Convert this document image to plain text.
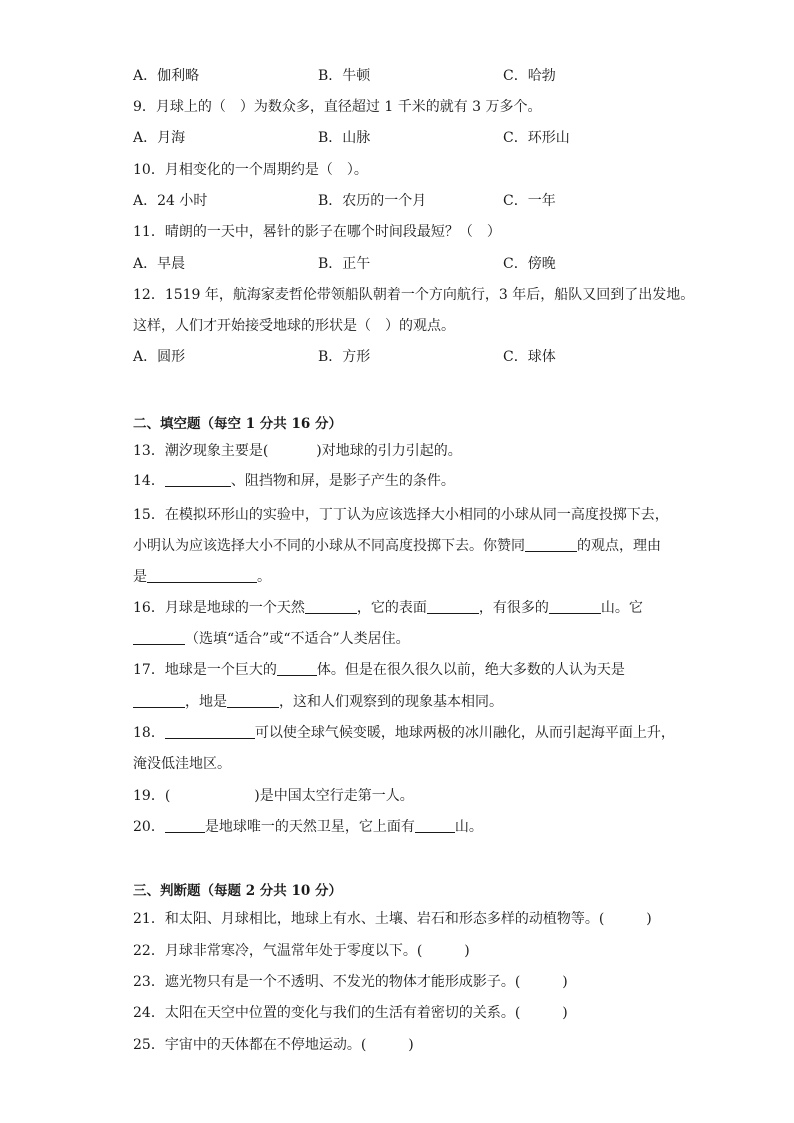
A．伽利略	B．牛顿	C．哈勃
9．月球上的（　）为数众多，直径超过 1 千米的就有 3 万多个。
A．月海	B．山脉	C．环形山
10．月相变化的一个周期约是（　）。
A．24 小时	B．农历的一个月	C．一年
11．晴朗的一天中，晷针的影子在哪个时间段最短？（　）
A．早晨	B．正午	C．傍晚
12．1519 年，航海家麦哲伦带领船队朝着一个方向航行，3 年后，船队又回到了出发地。
这样，人们才开始接受地球的形状是（　）的观点。
A．圆形	B．方形	C．球体
二、填空题（每空 1 分共 16 分）
13．潮汐现象主要是(	)对地球的引力引起的。
14．	、阻挡物和屏，是影子产生的条件。
15．在模拟环形山的实验中，丁丁认为应该选择大小相同的小球从同一高度投掷下去，
小明认为应该选择大小不同的小球从不同高度投掷下去。你赞同	的观点，理由
是	。
16．月球是地球的一个天然	，它的表面	，有很多的	山。它
（选填“适合”或“不适合”人类居住。
17．地球是一个巨大的	体。但是在很久很久以前，绝大多数的人认为天是
，地是	，这和人们观察到的现象基本相同。
18．	可以使全球气候变暖，地球两极的冰川融化，从而引起海平面上升，
淹没低洼地区。
19．(	)是中国太空行走第一人。
20．	是地球唯一的天然卫星，它上面有	山。
三、判断题（每题 2 分共 10 分）
21．和太阳、月球相比，地球上有水、土壤、岩石和形态多样的动植物等。(　　　)
22．月球非常寒冷，气温常年处于零度以下。(　　　)
23．遮光物只有是一个不透明、不发光的物体才能形成影子。(　　　)
24．太阳在天空中位置的变化与我们的生活有着密切的关系。(　　　)
25．宇宙中的天体都在不停地运动。(　　　)
